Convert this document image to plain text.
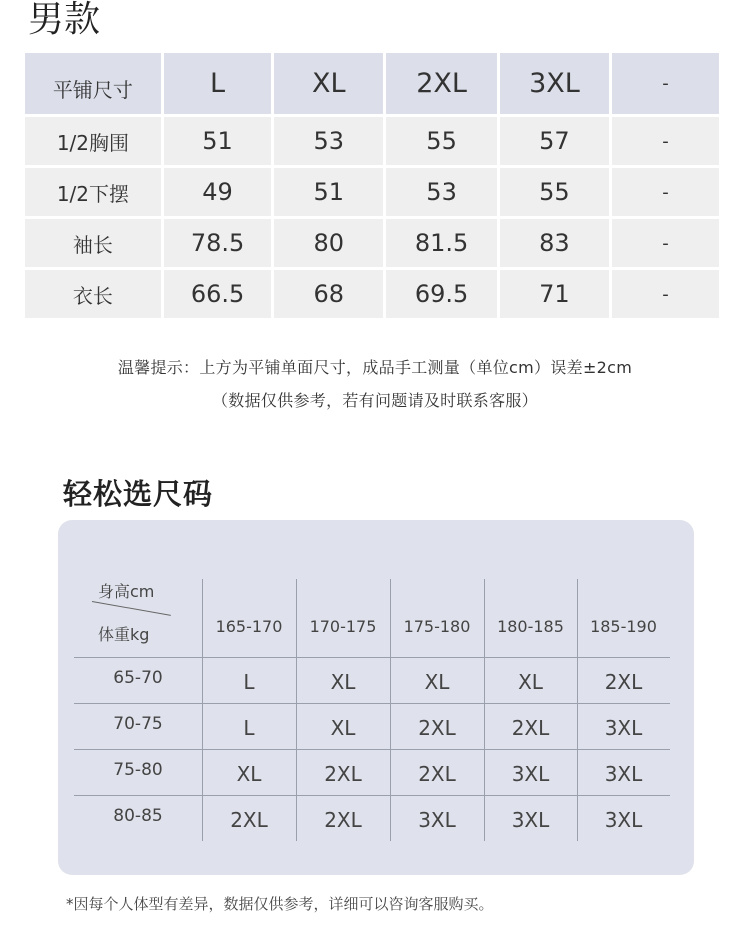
男款
平铺尺寸	L	XL	2XL	3XL	-
1/2胸围	51	53	55	57	-
1/2下摆	49	51	53	55	-
袖长	78.5	80	81.5	83	-
衣长	66.5	68	69.5	71	-
温馨提示：上方为平铺单面尺寸，成品手工测量（单位cm）误差±2cm
（数据仅供参考，若有问题请及时联系客服）
轻松选尺码
身高cm
体重kg	165-170	170-175	175-180	180-185	185-190
65-70	L	XL	XL	XL	2XL
70-75	L	XL	2XL	2XL	3XL
75-80	XL	2XL	2XL	3XL	3XL
80-85	2XL	2XL	3XL	3XL	3XL
*因每个人体型有差异，数据仅供参考，详细可以咨询客服购买。
